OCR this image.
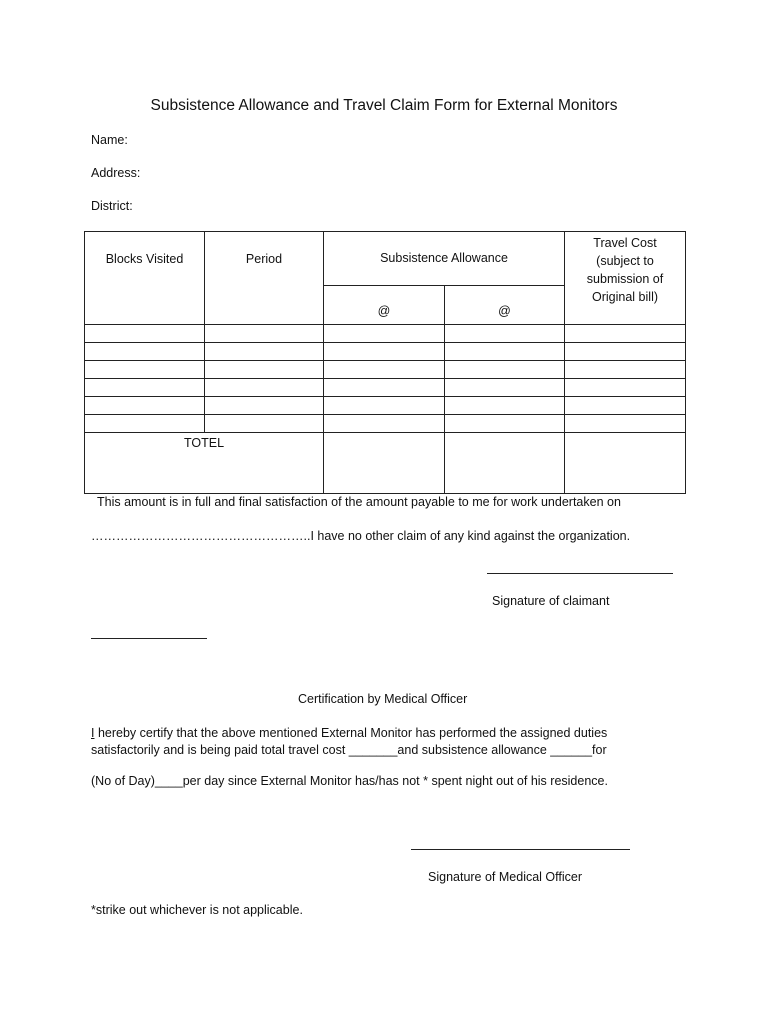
Subsistence Allowance and Travel Claim Form for External Monitors
Name:
Address:
District:
Blocks Visited	Period	Subsistence Allowance		Travel Cost (subject to submission of Original bill)
		@	@	

TOTEL				
This amount is in full and final satisfaction of the amount payable to me for work undertaken on
……………………………………………..I have no other claim of any kind against the organization.
Signature of claimant
Certification by Medical Officer
I hereby certify that the above mentioned External Monitor has performed the assigned duties
satisfactorily and is being paid total travel cost _______and subsistence allowance ______for
(No of Day)____per day since External Monitor has/has not * spent night out of his residence.
Signature of Medical Officer
*strike out whichever is not applicable.
